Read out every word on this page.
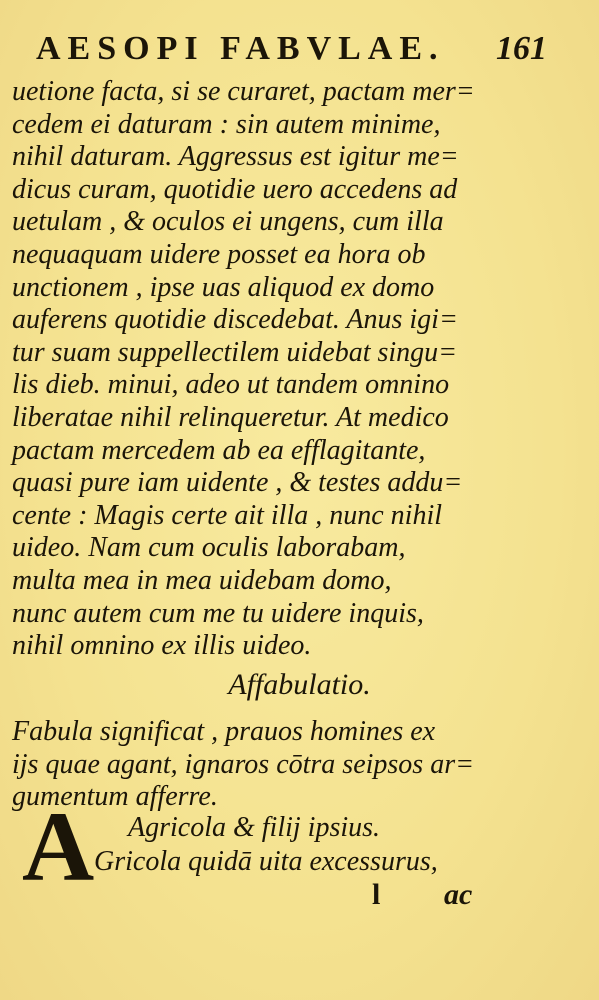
AESOPI FABVLAE. 161
uetione facta, si se curaret, pactam mer=
cedem ei daturam : sin autem minime,
nihil daturam. Aggressus est igitur me=
dicus curam, quotidie uero accedens ad
uetulam , & oculos ei ungens, cum illa
nequaquam uidere posset ea hora ob
unctionem , ipse uas aliquod ex domo
auferens quotidie discedebat. Anus igi=
tur suam suppellectilem uidebat singu=
lis dieb. minui, adeo ut tandem omnino
liberatae nihil relinqueretur. At medico
pactam mercedem ab ea efflagitante,
quasi pure iam uidente , & testes addu=
cente : Magis certe ait illa , nunc nihil
uideo. Nam cum oculis laborabam,
multa mea in mea uidebam domo,
nunc autem cum me tu uidere inquis,
nihil omnino ex illis uideo.
Affabulatio.
Fabula significat , prauos homines ex
ijs quae agant, ignaros cōtra seipsos ar=
gumentum afferre.
A Agricola & filij ipsius.
Gricola quidā uita excessurus,
l ac
